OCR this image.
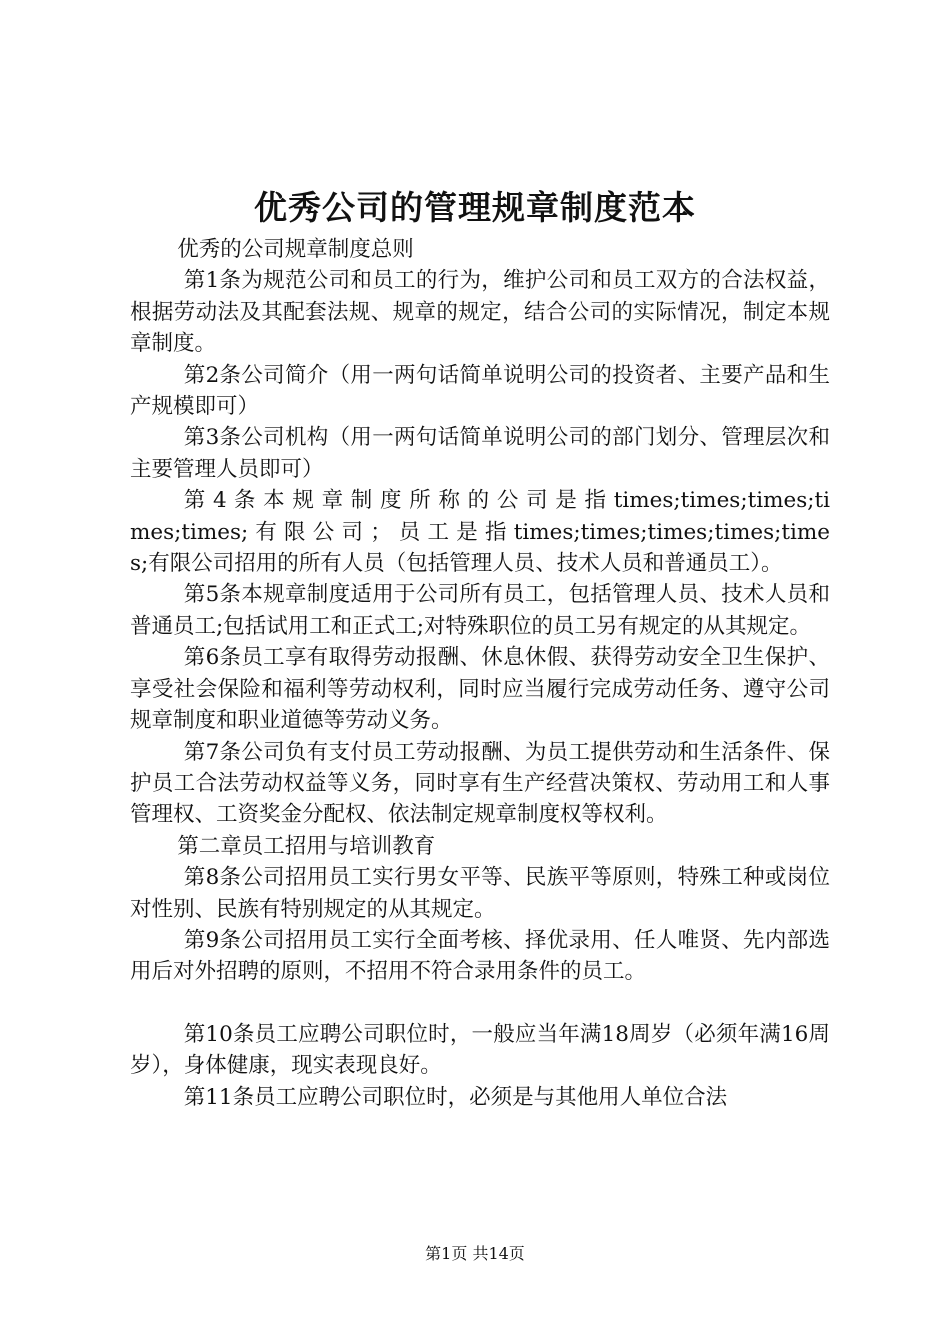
优秀公司的管理规章制度范本

优秀的公司规章制度总则

第1条为规范公司和员工的行为，维护公司和员工双方的合法权益，根据劳动法及其配套法规、规章的规定，结合公司的实际情况，制定本规章制度。

第2条公司简介（用一两句话简单说明公司的投资者、主要产品和生产规模即可）

第3条公司机构（用一两句话简单说明公司的部门划分、管理层次和主要管理人员即可）

第 4 条 本 规 章 制 度 所 称 的 公 司 是 指 times;times;times;times;times; 有 限 公 司 ； 员 工 是 指 times;times;times;times;times;有限公司招用的所有人员（包括管理人员、技术人员和普通员工）。

第5条本规章制度适用于公司所有员工，包括管理人员、技术人员和普通员工;包括试用工和正式工;对特殊职位的员工另有规定的从其规定。

第6条员工享有取得劳动报酬、休息休假、获得劳动安全卫生保护、享受社会保险和福利等劳动权利，同时应当履行完成劳动任务、遵守公司规章制度和职业道德等劳动义务。

第7条公司负有支付员工劳动报酬、为员工提供劳动和生活条件、保护员工合法劳动权益等义务，同时享有生产经营决策权、劳动用工和人事管理权、工资奖金分配权、依法制定规章制度权等权利。

第二章员工招用与培训教育

第8条公司招用员工实行男女平等、民族平等原则，特殊工种或岗位对性别、民族有特别规定的从其规定。

第9条公司招用员工实行全面考核、择优录用、任人唯贤、先内部选用后对外招聘的原则，不招用不符合录用条件的员工。

第10条员工应聘公司职位时，一般应当年满18周岁（必须年满16周岁），身体健康，现实表现良好。

第11条员工应聘公司职位时，必须是与其他用人单位合法

第1页 共14页
